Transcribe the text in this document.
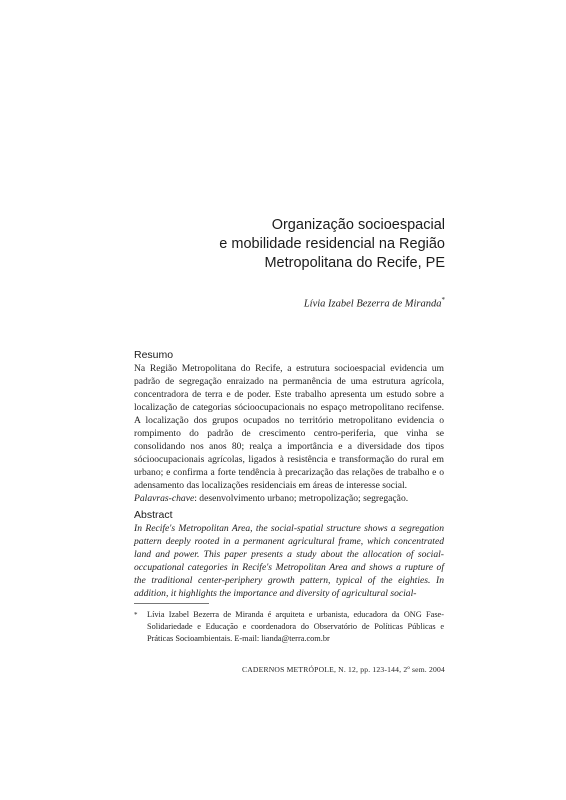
Organização socioespacial
e mobilidade residencial na Região
Metropolitana do Recife, PE
Lívia Izabel Bezerra de Miranda*
Resumo
Na Região Metropolitana do Recife, a estrutura socioespacial evidencia um padrão de segregação enraizado na permanência de uma estrutura agrícola, concentradora de terra e de poder. Este trabalho apresenta um estudo sobre a localização de categorias sócioocupacionais no espaço metropolitano recifense. A localização dos grupos ocupados no território metropolitano evidencia o rompimento do padrão de crescimento centro-periferia, que vinha se consolidando nos anos 80; realça a importância e a diversidade dos tipos sócioocupacionais agrícolas, ligados à resistência e transformação do rural em urbano; e confirma a forte tendência à precarização das relações de trabalho e o adensamento das localizações residenciais em áreas de interesse social.
Palavras-chave: desenvolvimento urbano; metropolização; segregação.
Abstract
In Recife's Metropolitan Area, the social-spatial structure shows a segregation pattern deeply rooted in a permanent agricultural frame, which concentrated land and power. This paper presents a study about the allocation of social-occupational categories in Recife's Metropolitan Area and shows a rupture of the traditional center-periphery growth pattern, typical of the eighties. In addition, it highlights the importance and diversity of agricultural social-
* Lívia Izabel Bezerra de Miranda é arquiteta e urbanista, educadora da ONG Fase-Solidariedade e Educação e coordenadora do Observatório de Políticas Públicas e Práticas Socioambientais. E-mail: lianda@terra.com.br
CADERNOS METRÓPOLE, N. 12, pp. 123-144, 2º sem. 2004
